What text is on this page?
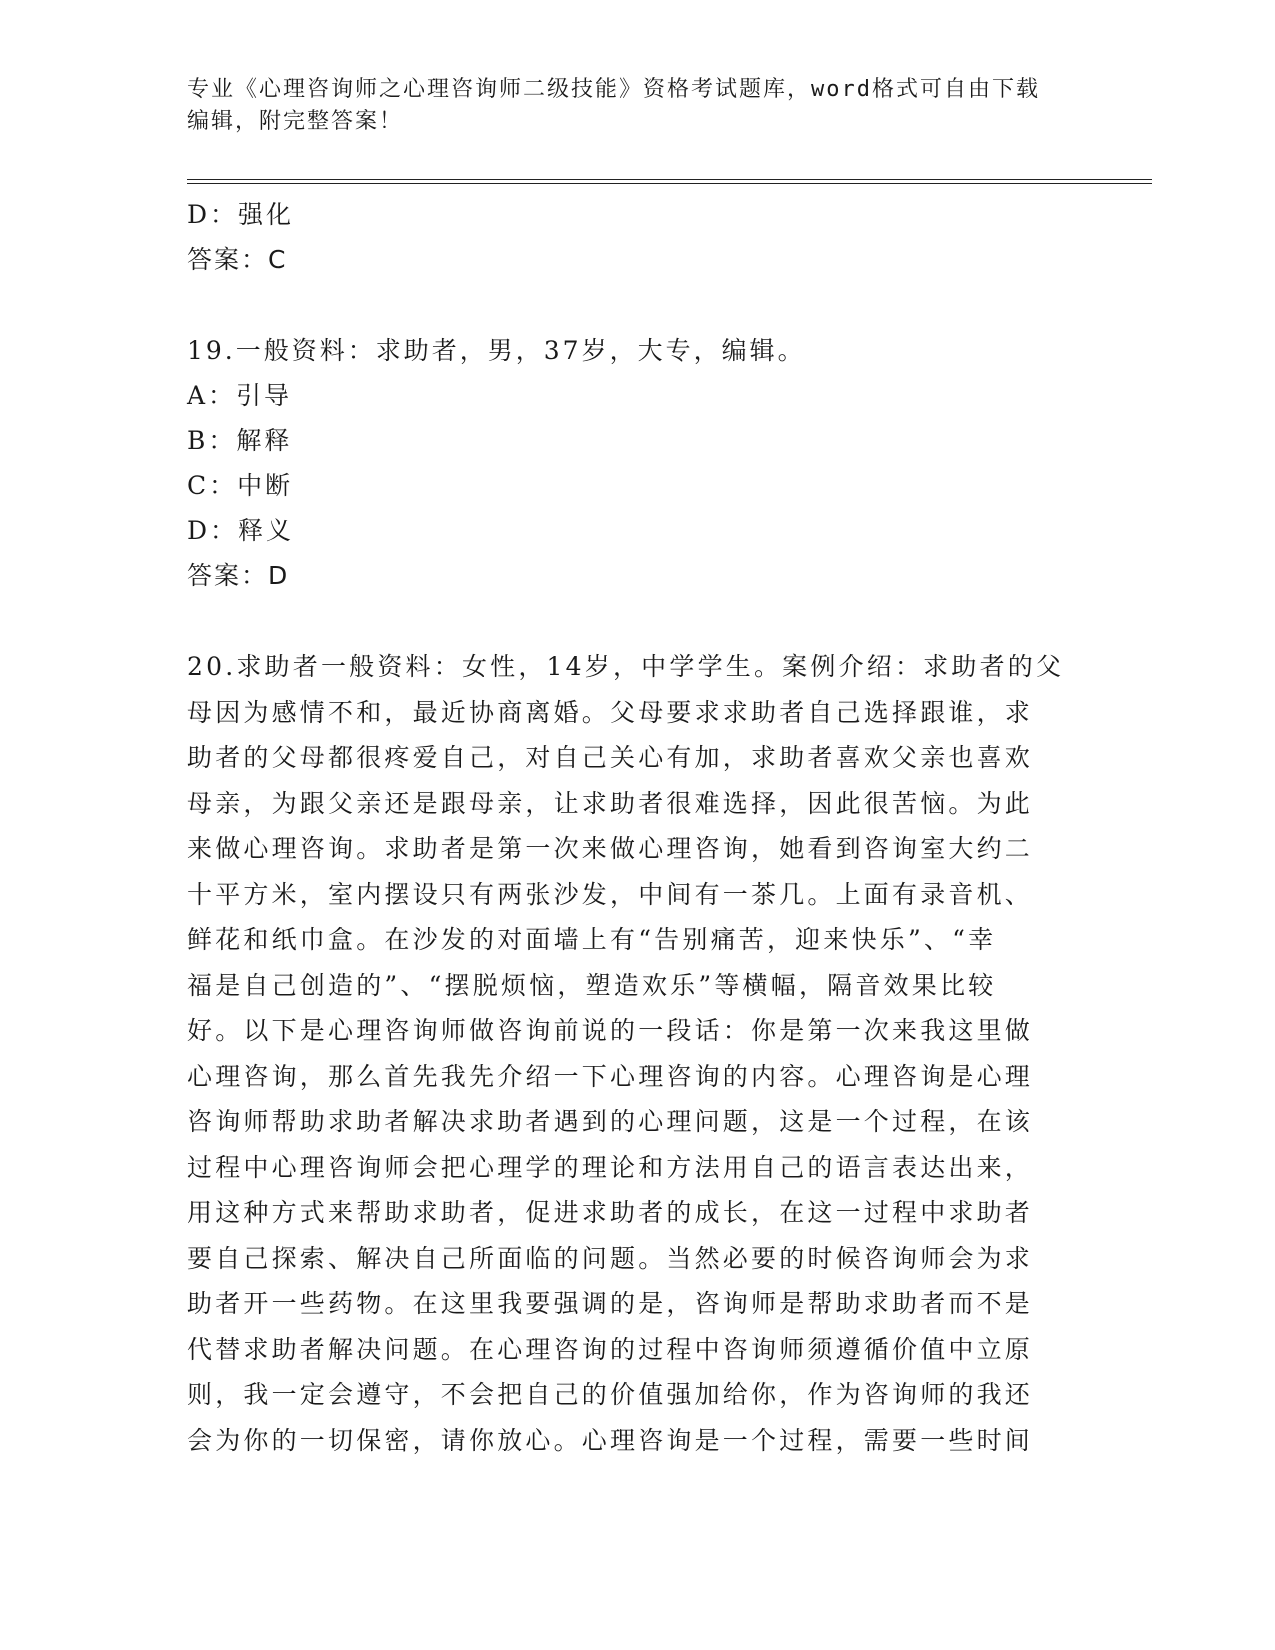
专业《心理咨询师之心理咨询师二级技能》资格考试题库，word格式可自由下载
编辑，附完整答案！
D：强化
答案：C
19.一般资料：求助者，男，37岁，大专，编辑。
A：引导
B：解释
C：中断
D：释义
答案：D
20.求助者一般资料：女性，14岁，中学学生。案例介绍：求助者的父
母因为感情不和，最近协商离婚。父母要求求助者自己选择跟谁，求
助者的父母都很疼爱自己，对自己关心有加，求助者喜欢父亲也喜欢
母亲，为跟父亲还是跟母亲，让求助者很难选择，因此很苦恼。为此
来做心理咨询。求助者是第一次来做心理咨询，她看到咨询室大约二
十平方米，室内摆设只有两张沙发，中间有一茶几。上面有录音机、
鲜花和纸巾盒。在沙发的对面墙上有“告别痛苦，迎来快乐”、“幸
福是自己创造的”、“摆脱烦恼，塑造欢乐”等横幅，隔音效果比较
好。以下是心理咨询师做咨询前说的一段话：你是第一次来我这里做
心理咨询，那么首先我先介绍一下心理咨询的内容。心理咨询是心理
咨询师帮助求助者解决求助者遇到的心理问题，这是一个过程，在该
过程中心理咨询师会把心理学的理论和方法用自己的语言表达出来，
用这种方式来帮助求助者，促进求助者的成长，在这一过程中求助者
要自己探索、解决自己所面临的问题。当然必要的时候咨询师会为求
助者开一些药物。在这里我要强调的是，咨询师是帮助求助者而不是
代替求助者解决问题。在心理咨询的过程中咨询师须遵循价值中立原
则，我一定会遵守，不会把自己的价值强加给你，作为咨询师的我还
会为你的一切保密，请你放心。心理咨询是一个过程，需要一些时间
